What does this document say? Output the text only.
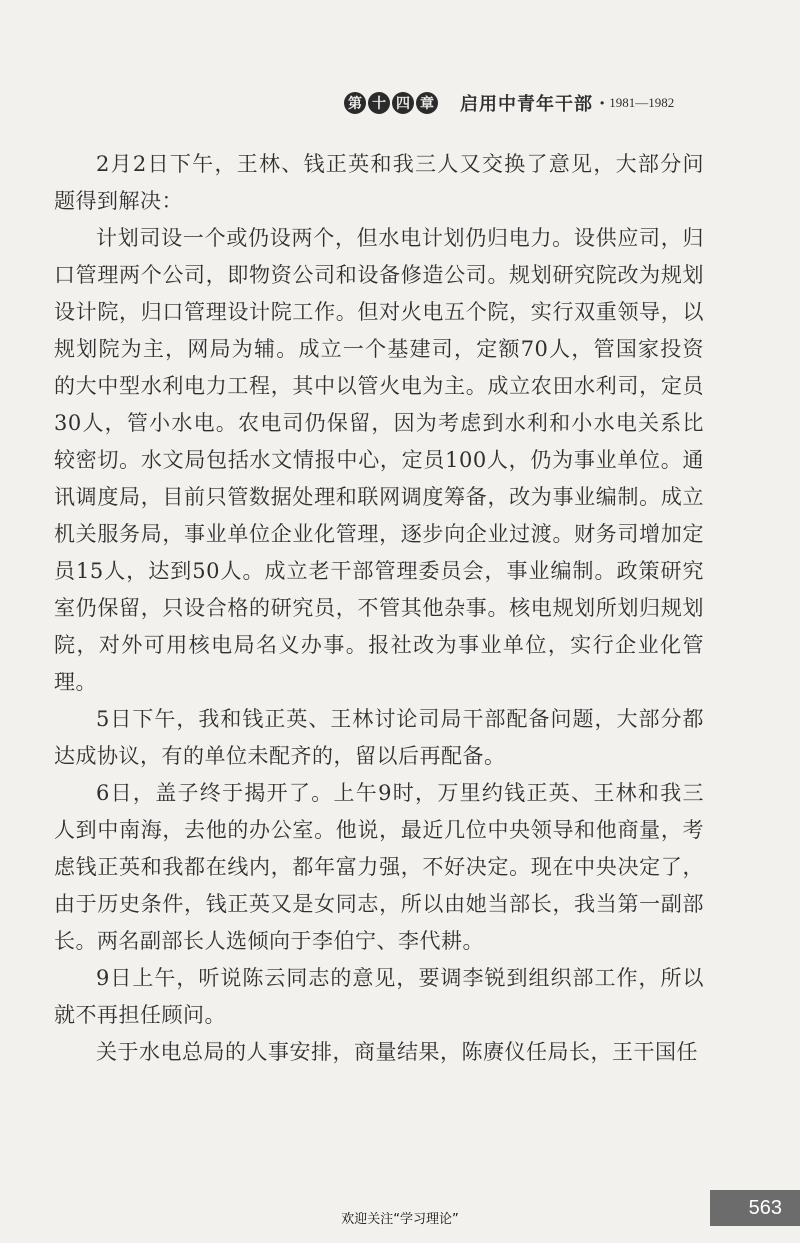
第 十 四 章 启用中青年干部 · 1981—1982

2月2日下午，王林、钱正英和我三人又交换了意见，大部分问题得到解决：

计划司设一个或仍设两个，但水电计划仍归电力。设供应司，归口管理两个公司，即物资公司和设备修造公司。规划研究院改为规划设计院，归口管理设计院工作。但对火电五个院，实行双重领导，以规划院为主，网局为辅。成立一个基建司，定额70人，管国家投资的大中型水利电力工程，其中以管火电为主。成立农田水利司，定员30人，管小水电。农电司仍保留，因为考虑到水利和小水电关系比较密切。水文局包括水文情报中心，定员100人，仍为事业单位。通讯调度局，目前只管数据处理和联网调度筹备，改为事业编制。成立机关服务局，事业单位企业化管理，逐步向企业过渡。财务司增加定员15人，达到50人。成立老干部管理委员会，事业编制。政策研究室仍保留，只设合格的研究员，不管其他杂事。核电规划所划归规划院，对外可用核电局名义办事。报社改为事业单位，实行企业化管理。

5日下午，我和钱正英、王林讨论司局干部配备问题，大部分都达成协议，有的单位未配齐的，留以后再配备。

6日，盖子终于揭开了。上午9时，万里约钱正英、王林和我三人到中南海，去他的办公室。他说，最近几位中央领导和他商量，考虑钱正英和我都在线内，都年富力强，不好决定。现在中央决定了，由于历史条件，钱正英又是女同志，所以由她当部长，我当第一副部长。两名副部长人选倾向于李伯宁、李代耕。

9日上午，听说陈云同志的意见，要调李锐到组织部工作，所以就不再担任顾问。

关于水电总局的人事安排，商量结果，陈赓仪任局长，王干国任

563
欢迎关注“学习理论”
